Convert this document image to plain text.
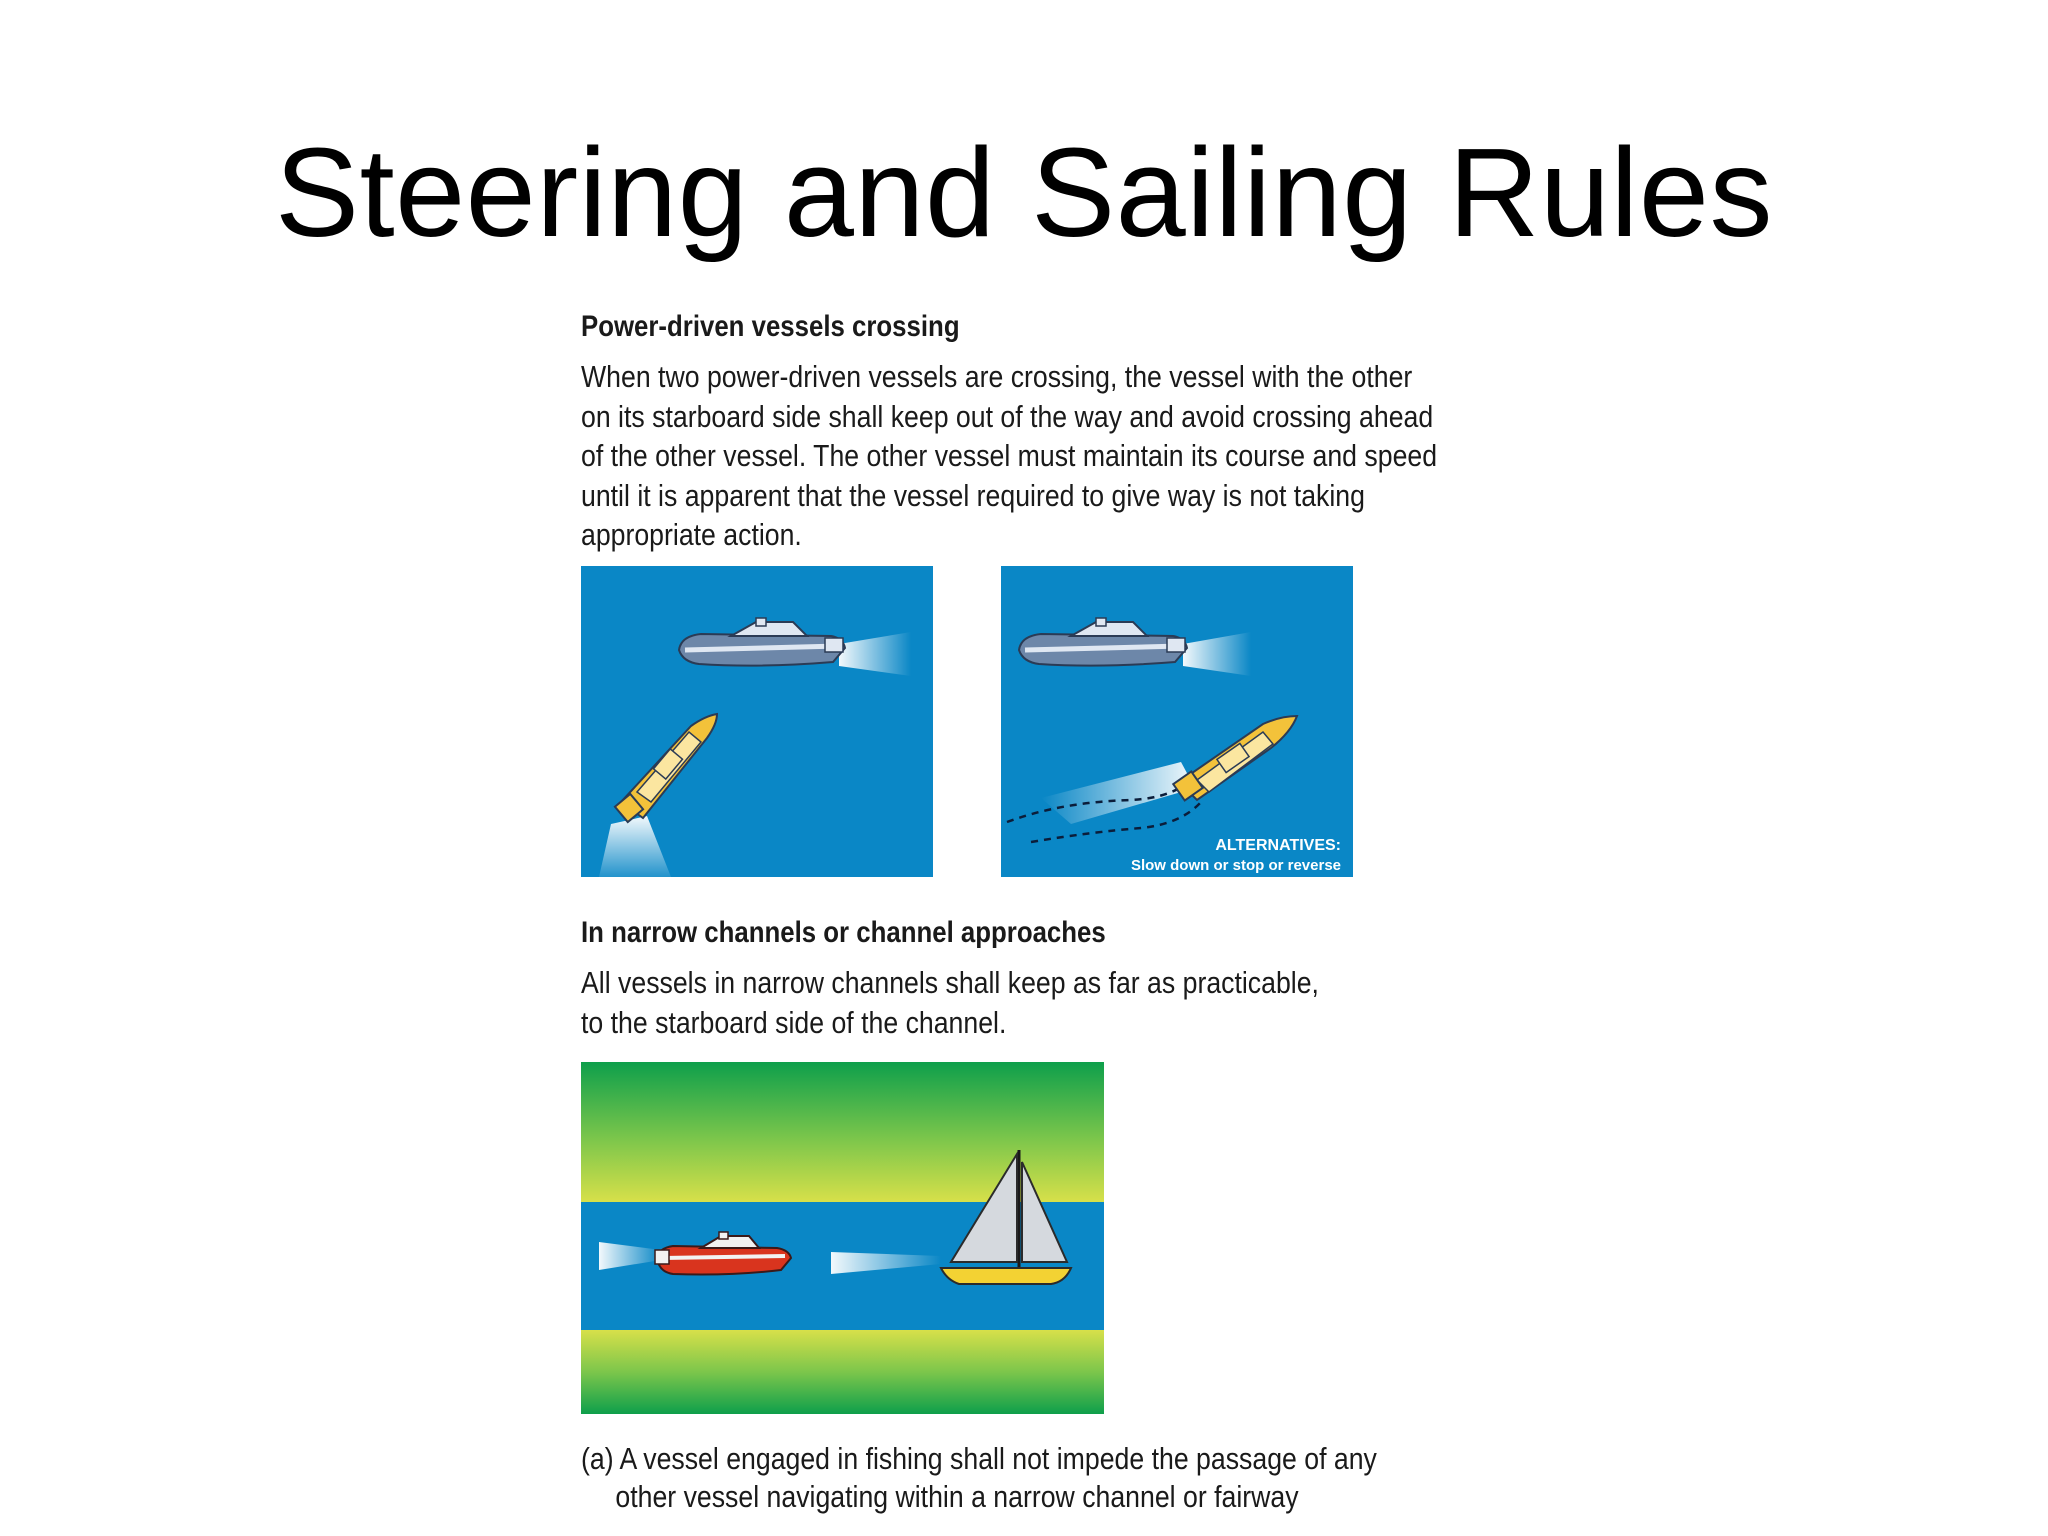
Steering and Sailing Rules
Power-driven vessels crossing
When two power-driven vessels are crossing, the vessel with the other
on its starboard side shall keep out of the way and avoid crossing ahead
of the other vessel. The other vessel must maintain its course and speed
until it is apparent that the vessel required to give way is not taking
appropriate action.
ALTERNATIVES:
Slow down or stop or reverse
In narrow channels or channel approaches
All vessels in narrow channels shall keep as far as practicable,
to the starboard side of the channel.
(a) A vessel engaged in fishing shall not impede the passage of any
other vessel navigating within a narrow channel or fairway
